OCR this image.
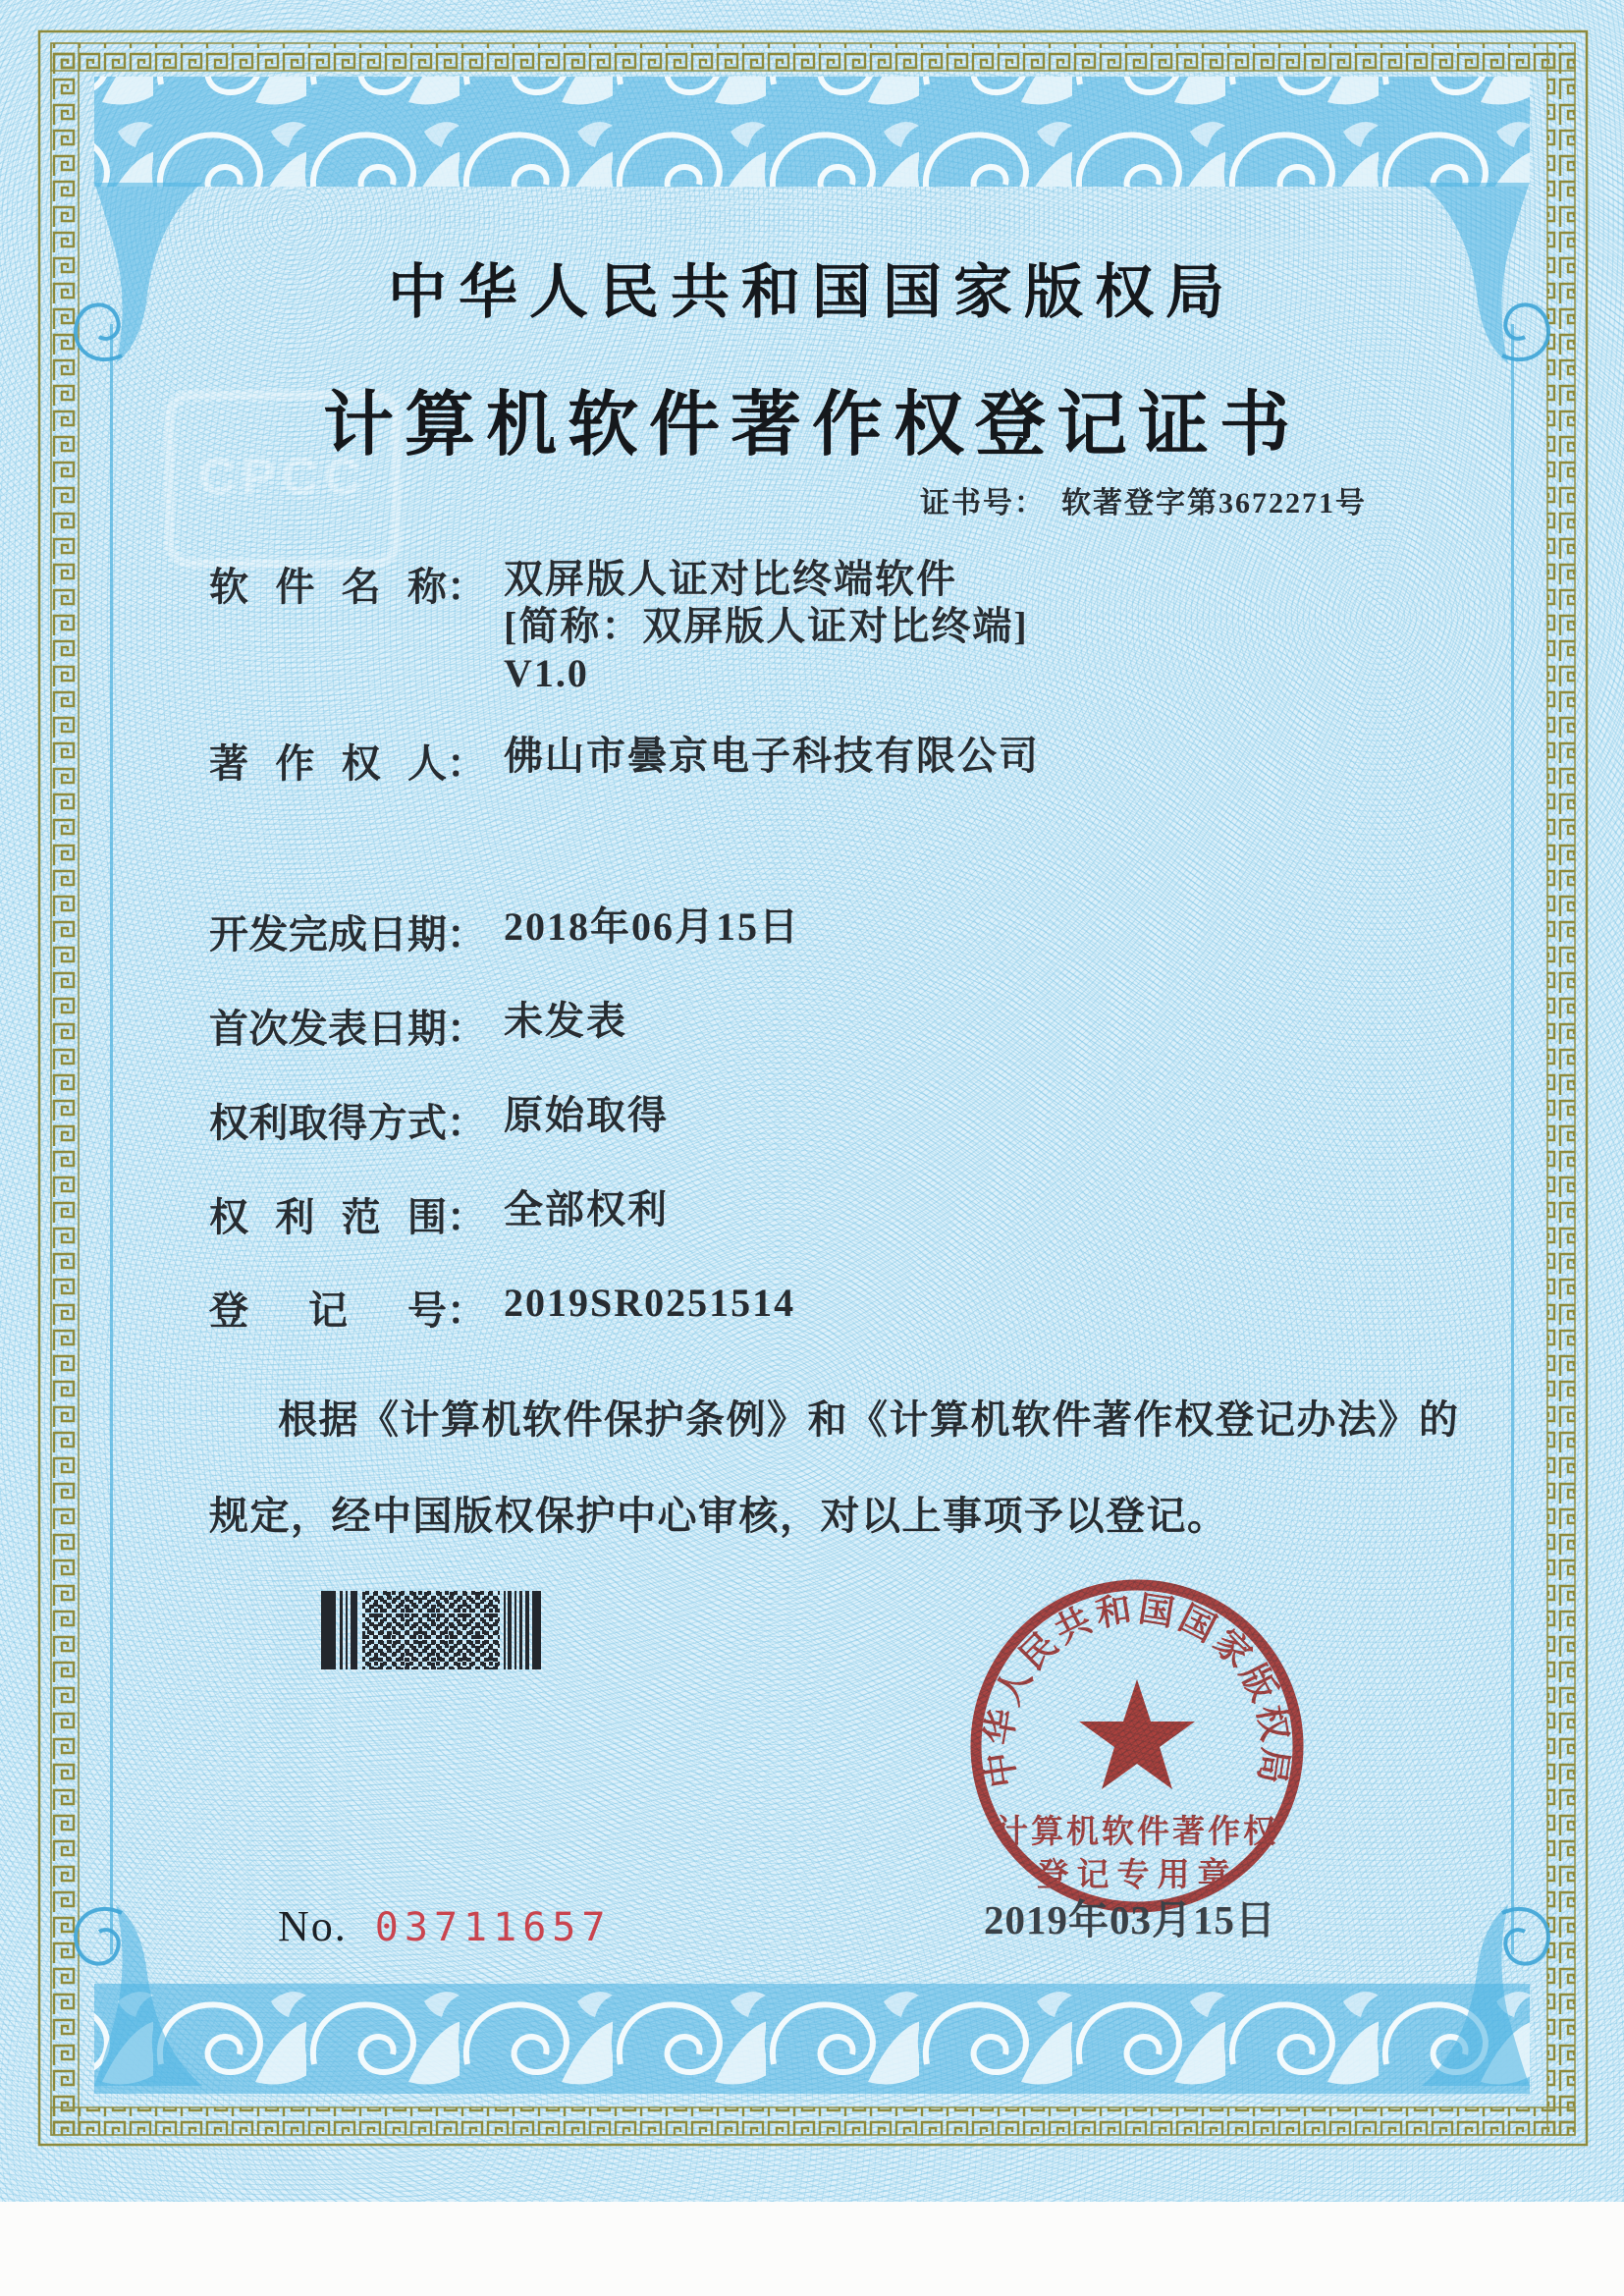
CPCC
中华人民共和国国家版权局
计算机软件著作权登记证书
证书号： 软著登字第3672271号
软 件 名 称 ： 双屏版人证对比终端软件
[简称：双屏版人证对比终端]
V1.0
著 作 权 人 ： 佛山市曇京电子科技有限公司
开 发 完 成 日 期 ： 2018年06月15日
首 次 发 表 日 期 ： 未发表
权 利 取 得 方 式 ： 原始取得
权 利 范 围 ： 全部权利
登 记 号 ： 2019SR0251514
根据《计算机软件保护条例》和《计算机软件著作权登记办法》的
规定，经中国版权保护中心审核，对以上事项予以登记。
中华人民共和国国家版权局
计算机软件著作权
登记专用章
2019年03月15日
No. 03711657
